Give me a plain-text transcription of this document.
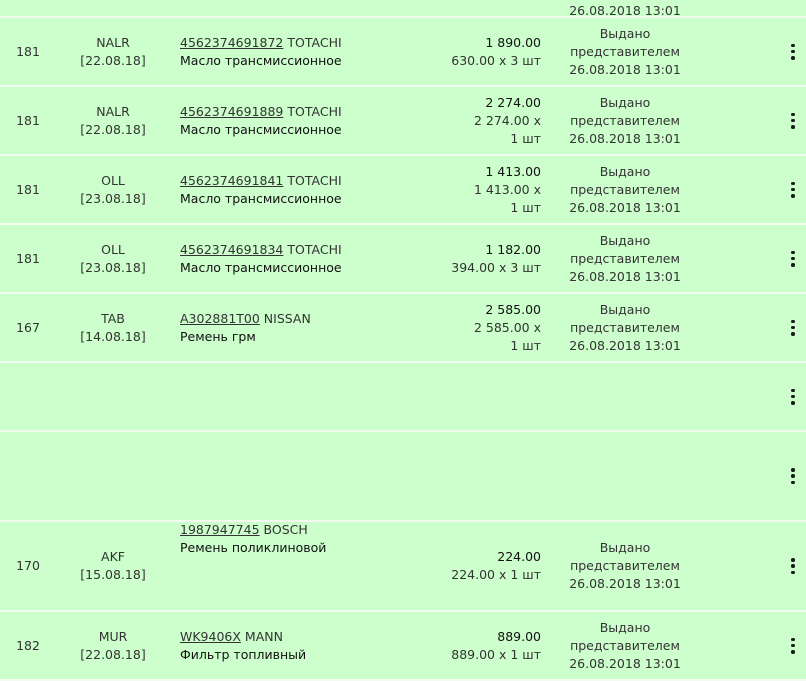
26.08.2018 13:01
181
NALR
[22.08.18]
4562374691872 TOTACHI
Масло трансмиссионное
1 890.00
630.00 х 3 шт
Выдано
представителем
26.08.2018 13:01
181
NALR
[22.08.18]
4562374691889 TOTACHI
Масло трансмиссионное
2 274.00
2 274.00 х
1 шт
Выдано
представителем
26.08.2018 13:01
181
OLL
[23.08.18]
4562374691841 TOTACHI
Масло трансмиссионное
1 413.00
1 413.00 х
1 шт
Выдано
представителем
26.08.2018 13:01
181
OLL
[23.08.18]
4562374691834 TOTACHI
Масло трансмиссионное
1 182.00
394.00 х 3 шт
Выдано
представителем
26.08.2018 13:01
167
TAB
[14.08.18]
A302881T00 NISSAN
Ремень грм
2 585.00
2 585.00 х
1 шт
Выдано
представителем
26.08.2018 13:01
170
AKF
[15.08.18]
1987947745 BOSCH
Ремень поликлиновой
224.00
224.00 х 1 шт
Выдано
представителем
26.08.2018 13:01
182
MUR
[22.08.18]
WK9406X MANN
Фильтр топливный
889.00
889.00 х 1 шт
Выдано
представителем
26.08.2018 13:01
